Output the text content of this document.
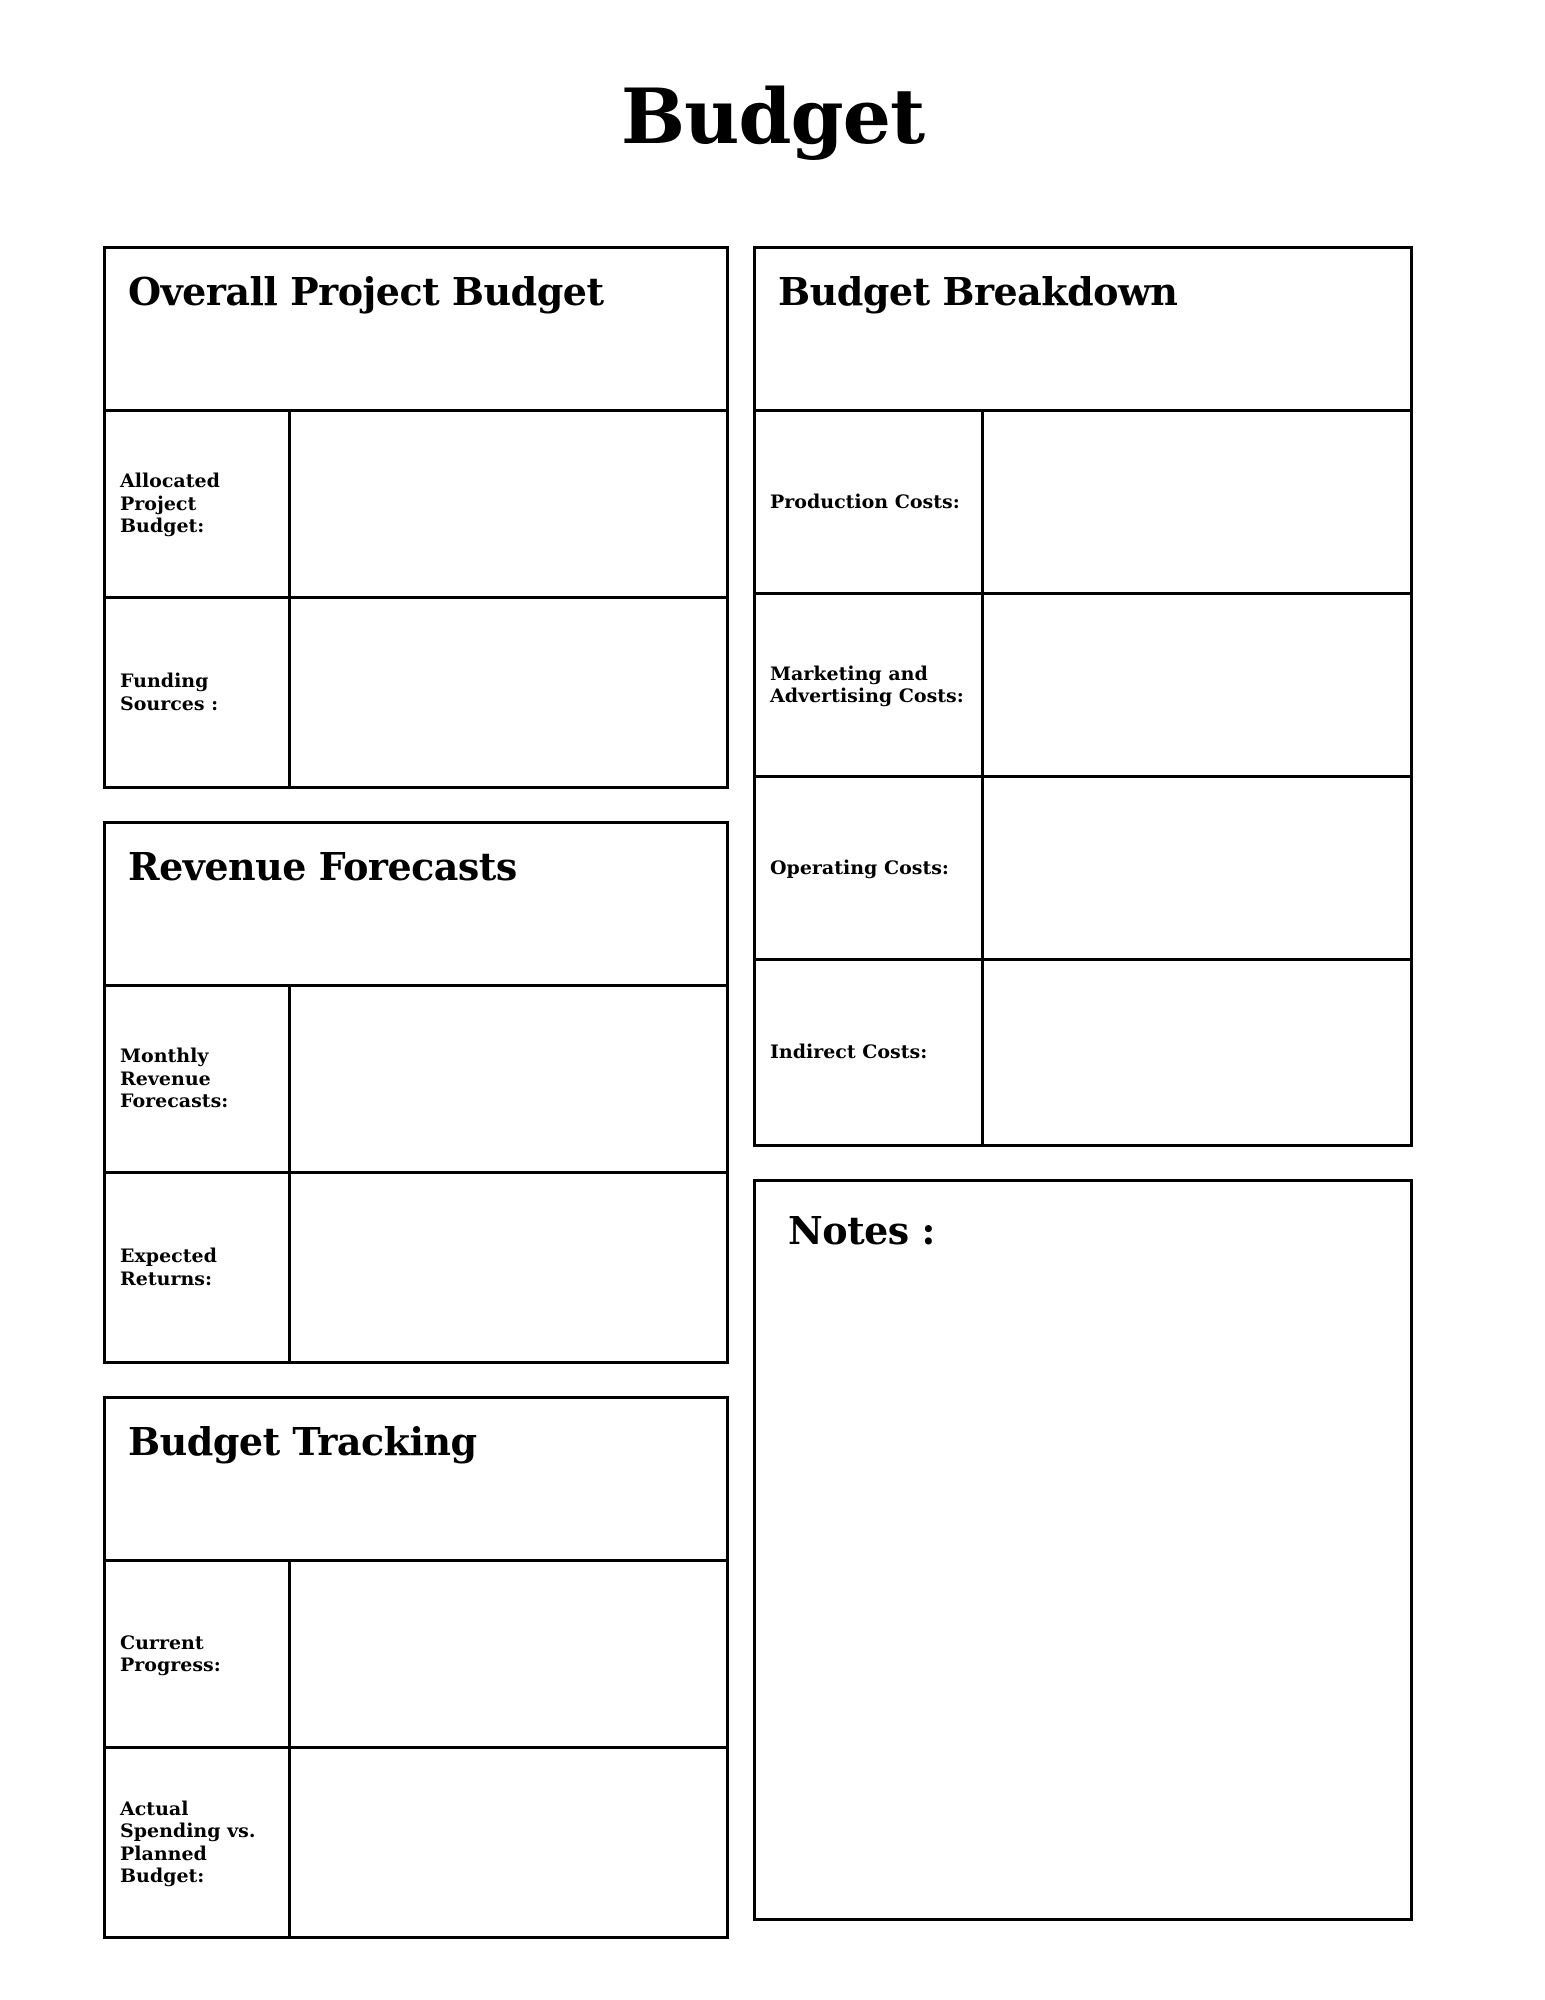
Budget
Overall Project Budget
Allocated Project Budget:
Funding Sources :
Revenue Forecasts
Monthly Revenue Forecasts:
Expected Returns:
Budget Tracking
Current Progress:
Actual Spending vs. Planned Budget:
Budget Breakdown
Production Costs:
Marketing and Advertising Costs:
Operating Costs:
Indirect Costs:
Notes :
